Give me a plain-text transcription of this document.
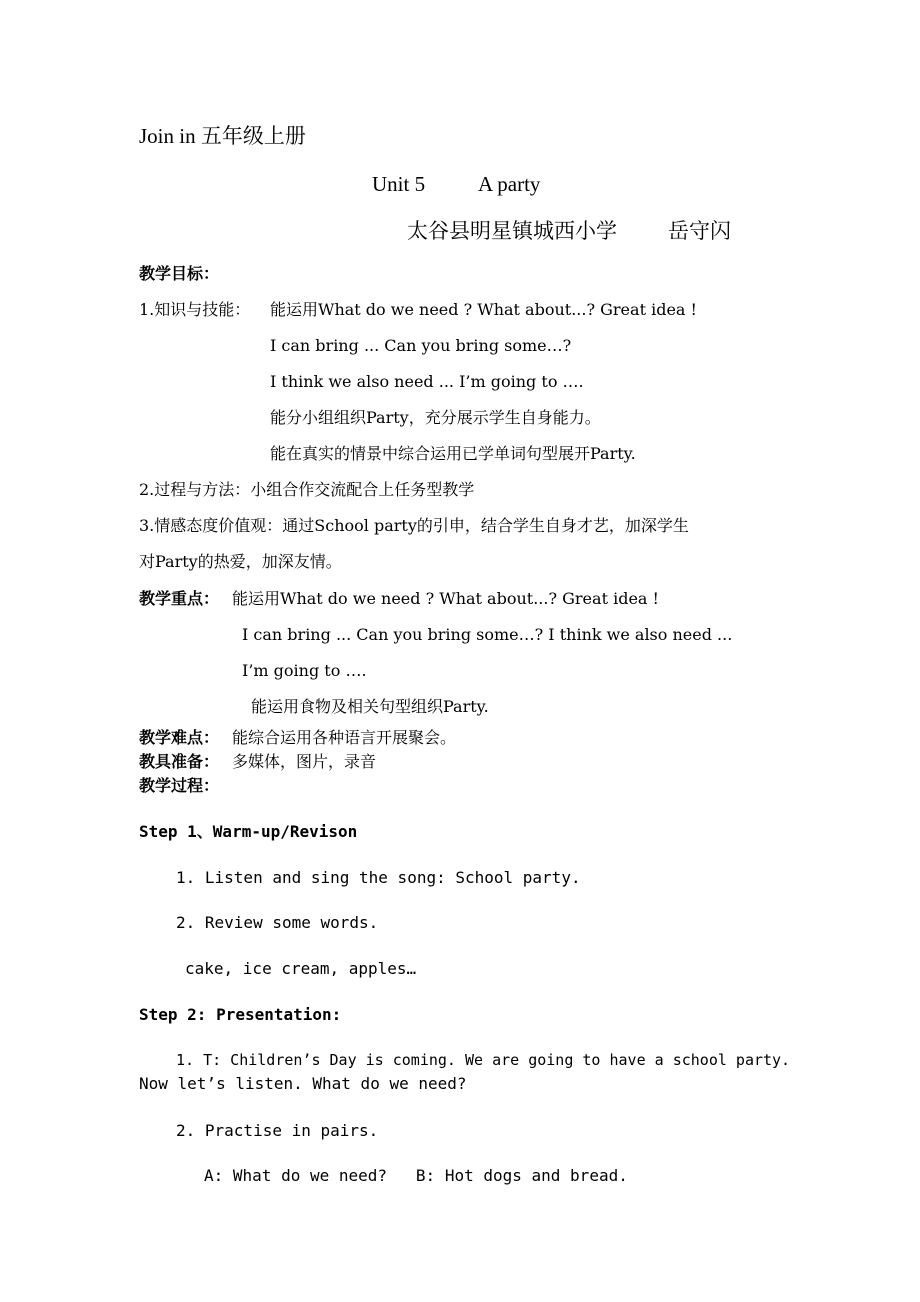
Join in 五年级上册
Unit 5	A party
太谷县明星镇城西小学 岳守闪
教学目标：
1.知识与技能： 能运用What do we need ? What about...? Great idea !
I can bring ... Can you bring some…?
I think we also need ... I’m going to ….
能分小组组织Party，充分展示学生自身能力。
能在真实的情景中综合运用已学单词句型展开Party.
2.过程与方法：小组合作交流配合上任务型教学
3.情感态度价值观：通过School party的引申，结合学生自身才艺，加深学生
对Party的热爱，加深友情。
教学重点： 能运用What do we need ? What about...? Great idea !
I can bring ... Can you bring some…? I think we also need ...
I’m going to ….
能运用食物及相关句型组织Party.
教学难点： 能综合运用各种语言开展聚会。
教具准备： 多媒体，图片，录音
教学过程：
Step 1、Warm-up/Revison
1. Listen and sing the song: School party.
2. Review some words.
cake, ice cream, apples…
Step 2: Presentation:
1. T: Children’s Day is coming. We are going to have a school party.
Now let’s listen. What do we need?
2. Practise in pairs.
A: What do we need?   B: Hot dogs and bread.
